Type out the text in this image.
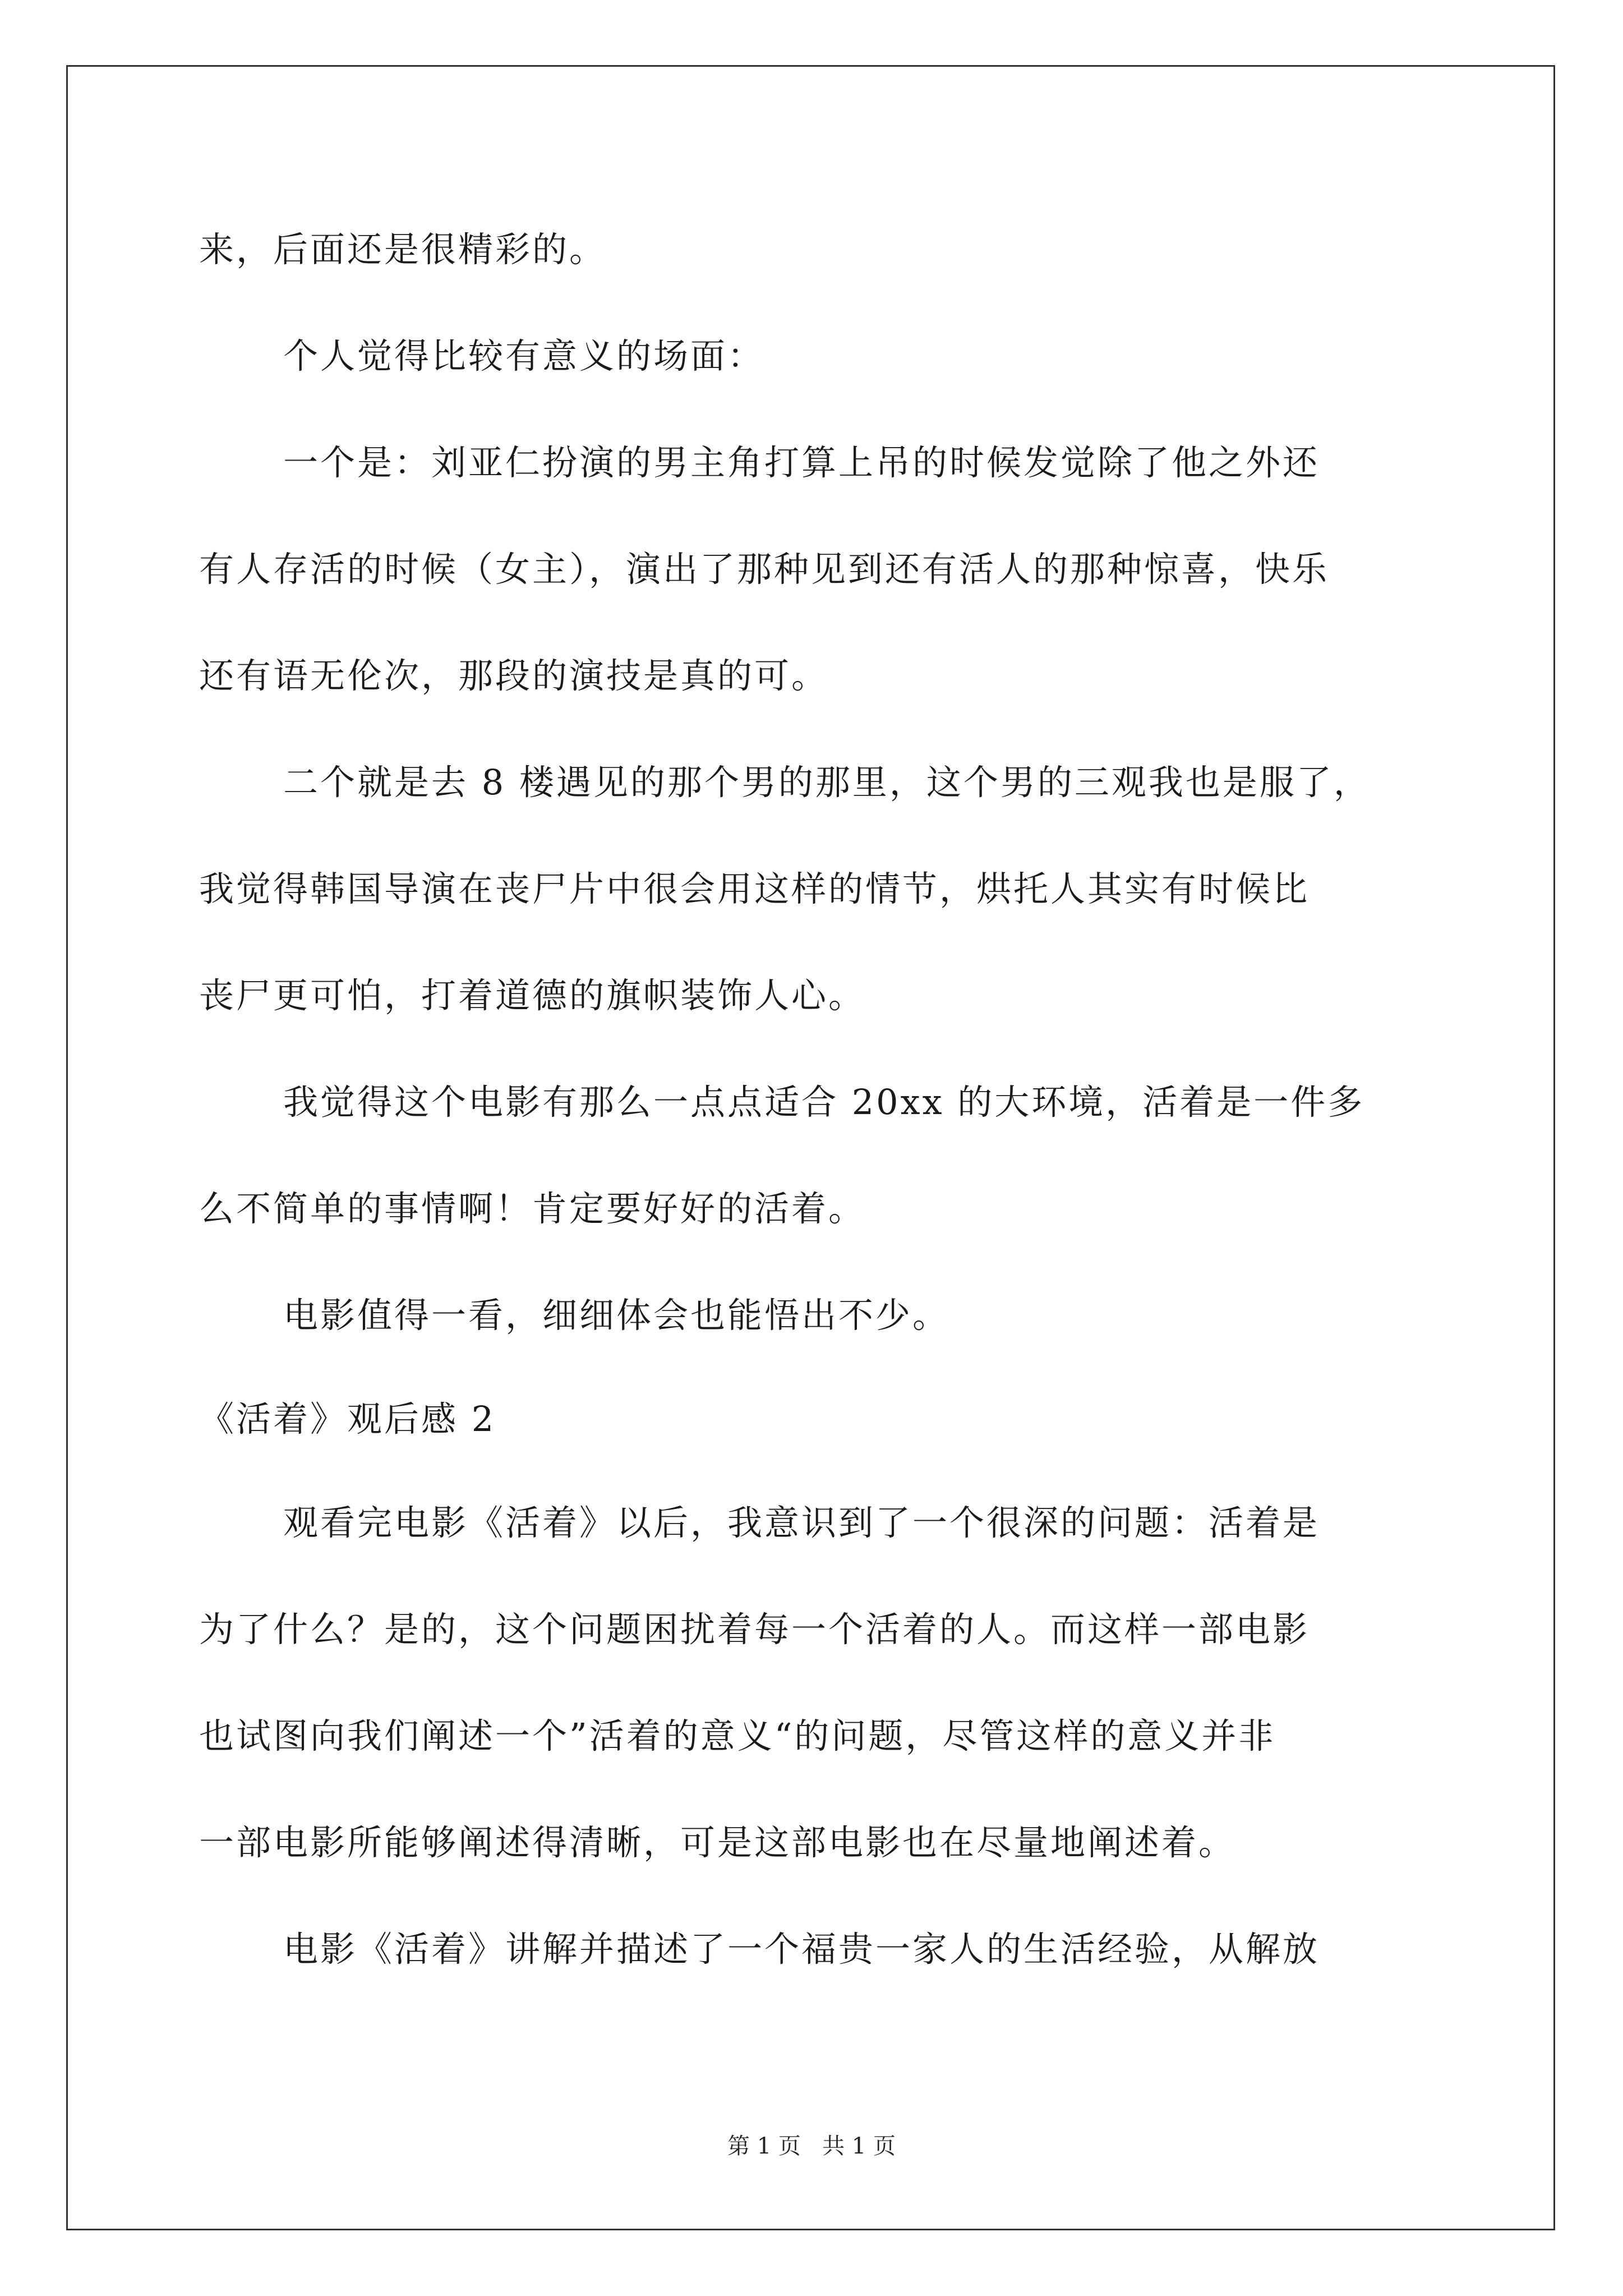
来，后面还是很精彩的。
个人觉得比较有意义的场面：
一个是：刘亚仁扮演的男主角打算上吊的时候发觉除了他之外还
有人存活的时候（女主），演出了那种见到还有活人的那种惊喜，快乐
还有语无伦次，那段的演技是真的可。
二个就是去 8 楼遇见的那个男的那里，这个男的三观我也是服了，
我觉得韩国导演在丧尸片中很会用这样的情节，烘托人其实有时候比
丧尸更可怕，打着道德的旗帜装饰人心。
我觉得这个电影有那么一点点适合 20xx 的大环境，活着是一件多
么不简单的事情啊！肯定要好好的活着。
电影值得一看，细细体会也能悟出不少。
《活着》观后感 2
观看完电影《活着》以后，我意识到了一个很深的问题：活着是
为了什么？是的，这个问题困扰着每一个活着的人。而这样一部电影
也试图向我们阐述一个”活着的意义“的问题，尽管这样的意义并非
一部电影所能够阐述得清晰，可是这部电影也在尽量地阐述着。
电影《活着》讲解并描述了一个福贵一家人的生活经验，从解放
第 1 页   共 1 页
